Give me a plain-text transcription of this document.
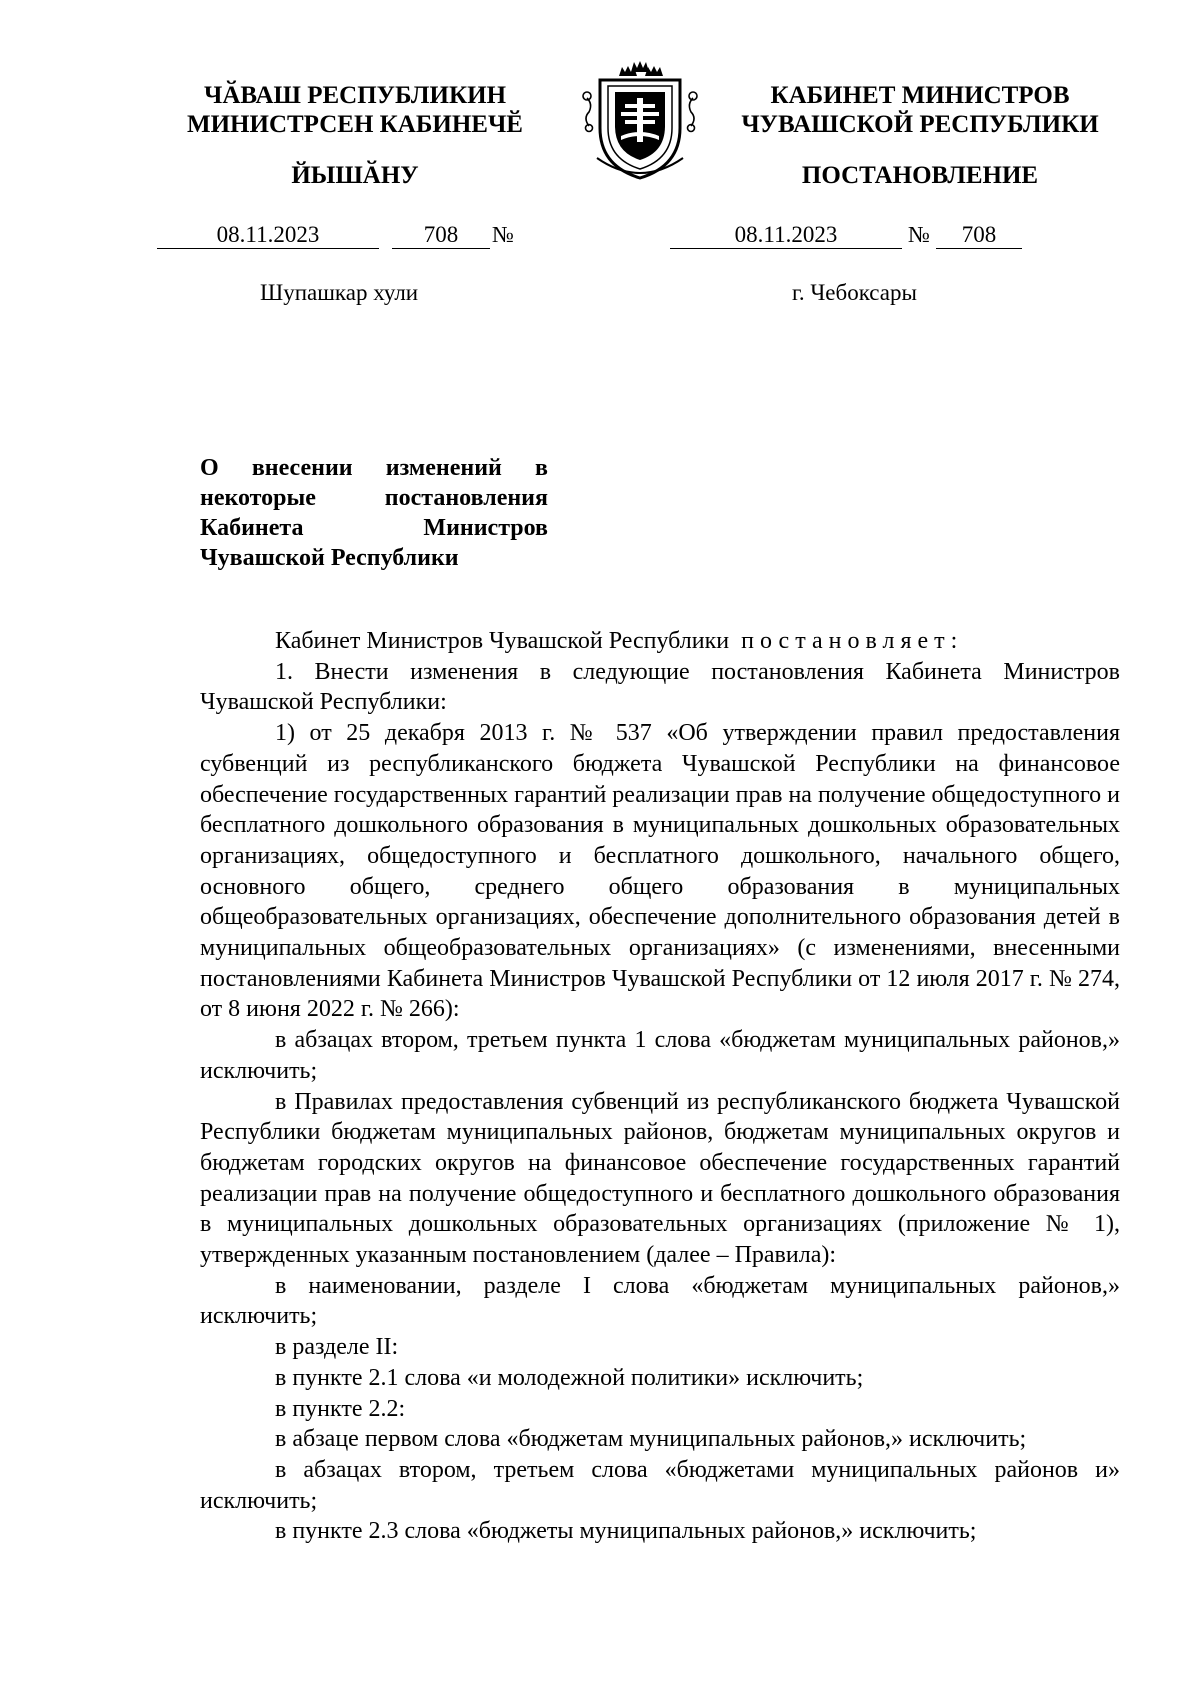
ЧӐВАШ РЕСПУБЛИКИН
МИНИСТРСЕН КАБИНЕЧӖ
ЙЫШӐНУ
КАБИНЕТ МИНИСТРОВ
ЧУВАШСКОЙ РЕСПУБЛИКИ
ПОСТАНОВЛЕНИЕ
08.11.2023	708	№	08.11.2023	№	708
Шупашкар хули	г. Чебоксары
О внесении изменений в некоторые постановления Кабинета Министров Чувашской Республики

Кабинет Министров Чувашской Республики постановляет:

1. Внести изменения в следующие постановления Кабинета Министров Чувашской Республики:

1) от 25 декабря 2013 г. № 537 «Об утверждении правил предоставления субвенций из республиканского бюджета Чувашской Республики на финансовое обеспечение государственных гарантий реализации прав на получение общедоступного и бесплатного дошкольного образования в муниципальных дошкольных образовательных организациях, общедоступного и бесплатного дошкольного, начального общего, основного общего, среднего общего образования в муниципальных общеобразовательных организациях, обеспечение дополнительного образования детей в муниципальных общеобразовательных организациях» (с изменениями, внесенными постановлениями Кабинета Министров Чувашской Республики от 12 июля 2017 г. № 274, от 8 июня 2022 г. № 266):

в абзацах втором, третьем пункта 1 слова «бюджетам муниципальных районов,» исключить;

в Правилах предоставления субвенций из республиканского бюджета Чувашской Республики бюджетам муниципальных районов, бюджетам муниципальных округов и бюджетам городских округов на финансовое обеспечение государственных гарантий реализации прав на получение общедоступного и бесплатного дошкольного образования в муниципальных дошкольных образовательных организациях (приложение № 1), утвержденных указанным постановлением (далее – Правила):

в наименовании, разделе I слова «бюджетам муниципальных районов,» исключить;

в разделе II:

в пункте 2.1 слова «и молодежной политики» исключить;

в пункте 2.2:

в абзаце первом слова «бюджетам муниципальных районов,» исключить;

в абзацах втором, третьем слова «бюджетами муниципальных районов и» исключить;

в пункте 2.3 слова «бюджеты муниципальных районов,» исключить;
